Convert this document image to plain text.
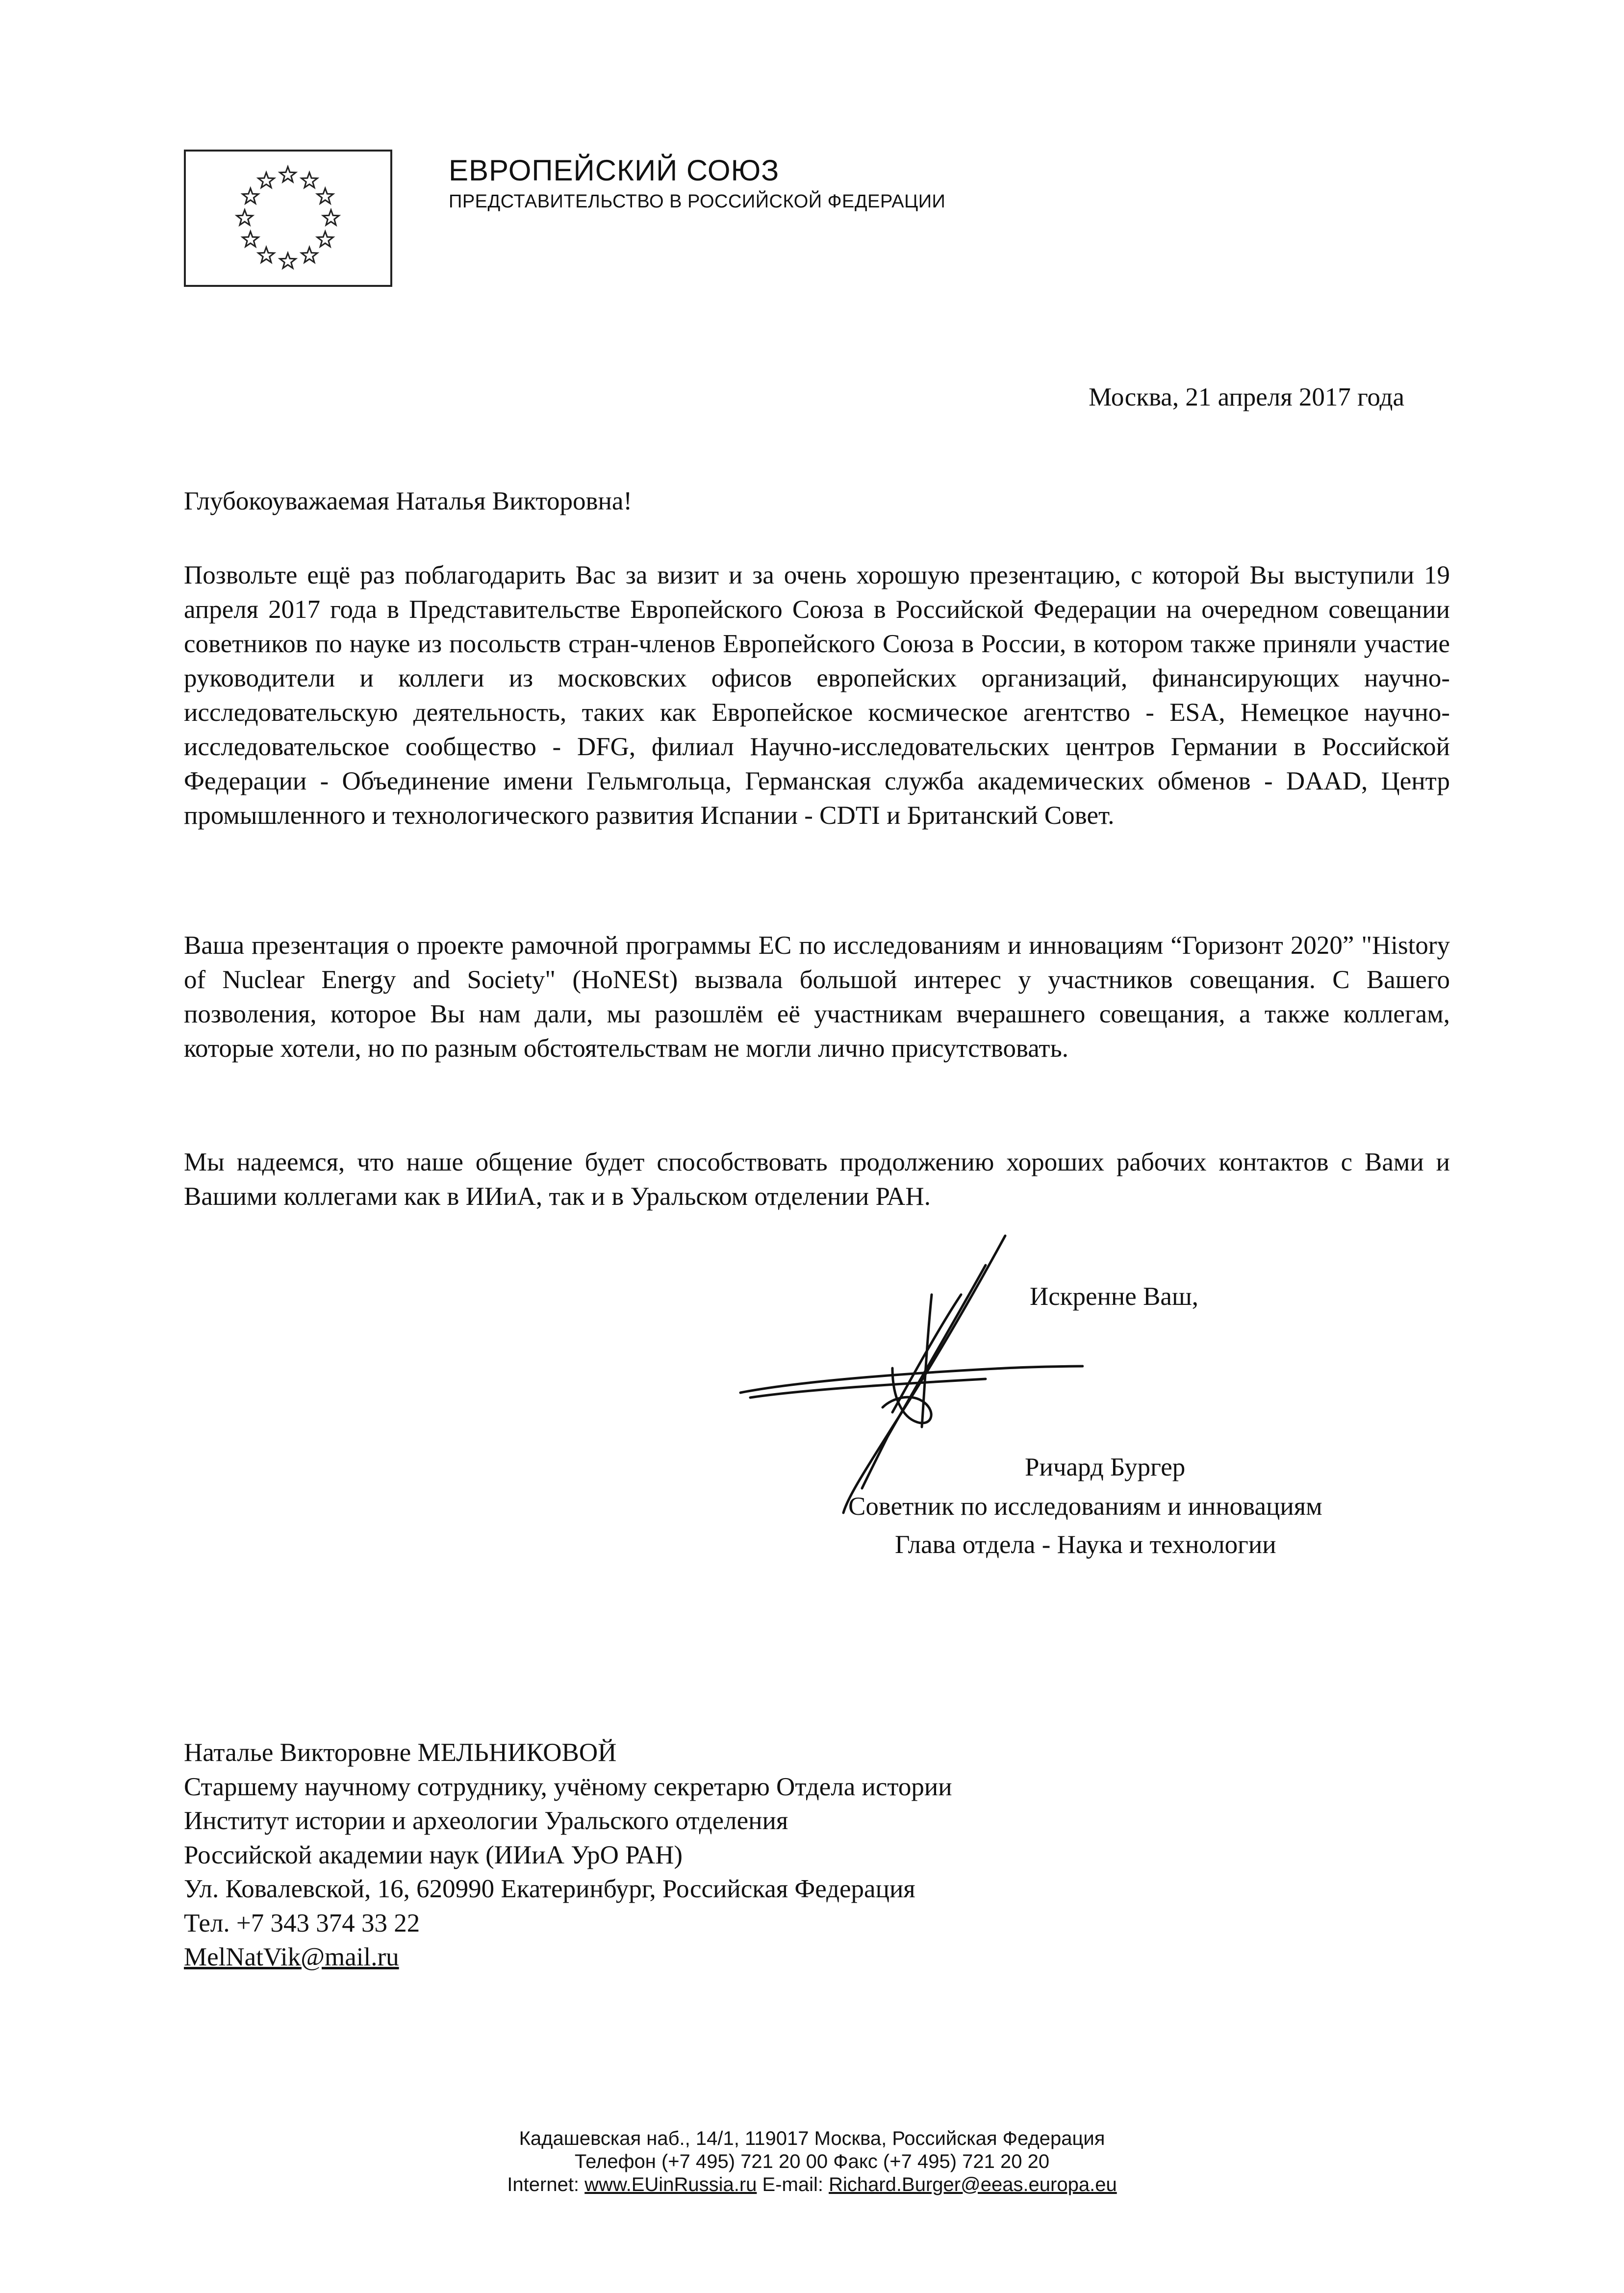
ЕВРОПЕЙСКИЙ СОЮЗ
ПРЕДСТАВИТЕЛЬСТВО В РОССИЙСКОЙ ФЕДЕРАЦИИ
Москва, 21 апреля 2017 года
Глубокоуважаемая Наталья Викторовна!

Позвольте ещё раз поблагодарить Вас за визит и за очень хорошую презентацию, с которой Вы выступили 19 апреля 2017 года в Представительстве Европейского Союза в Российской Федерации на очередном совещании советников по науке из посольств стран-членов Европейского Союза в России, в котором также приняли участие руководители и коллеги из московских офисов европейских организаций, финансирующих научно-исследовательскую деятельность, таких как Европейское космическое агентство - ESA, Немецкое научно-исследовательское сообщество - DFG, филиал Научно-исследовательских центров Германии в Российской Федерации - Объединение имени Гельмгольца, Германская служба академических обменов - DAAD, Центр промышленного и технологического развития Испании - CDTI и Британский Совет.

Ваша презентация о проекте рамочной программы ЕС по исследованиям и инновациям “Горизонт 2020” "History of Nuclear Energy and Society" (HoNESt) вызвала большой интерес у участников совещания. С Вашего позволения, которое Вы нам дали, мы разошлём её участникам вчерашнего совещания, а также коллегам, которые хотели, но по разным обстоятельствам не могли лично присутствовать.

Мы надеемся, что наше общение будет способствовать продолжению хороших рабочих контактов с Вами и Вашими коллегами как в ИИиА, так и в Уральском отделении РАН.

Искренне Ваш,
Ричард Бургер
Советник по исследованиям и инновациям
Глава отдела - Наука и технологии
Наталье Викторовне МЕЛЬНИКОВОЙ
Старшему научному сотруднику, учёному секретарю Отдела истории
Институт истории и археологии Уральского отделения
Российской академии наук (ИИиА УрО РАН)
Ул. Ковалевской, 16, 620990 Екатеринбург, Российская Федерация
Тел. +7 343 374 33 22
MelNatVik@mail.ru
Кадашевская наб., 14/1, 119017 Москва, Российская Федерация
Телефон (+7 495) 721 20 00 Факс (+7 495) 721 20 20
Internet: www.EUinRussia.ru E-mail: Richard.Burger@eeas.europa.eu
